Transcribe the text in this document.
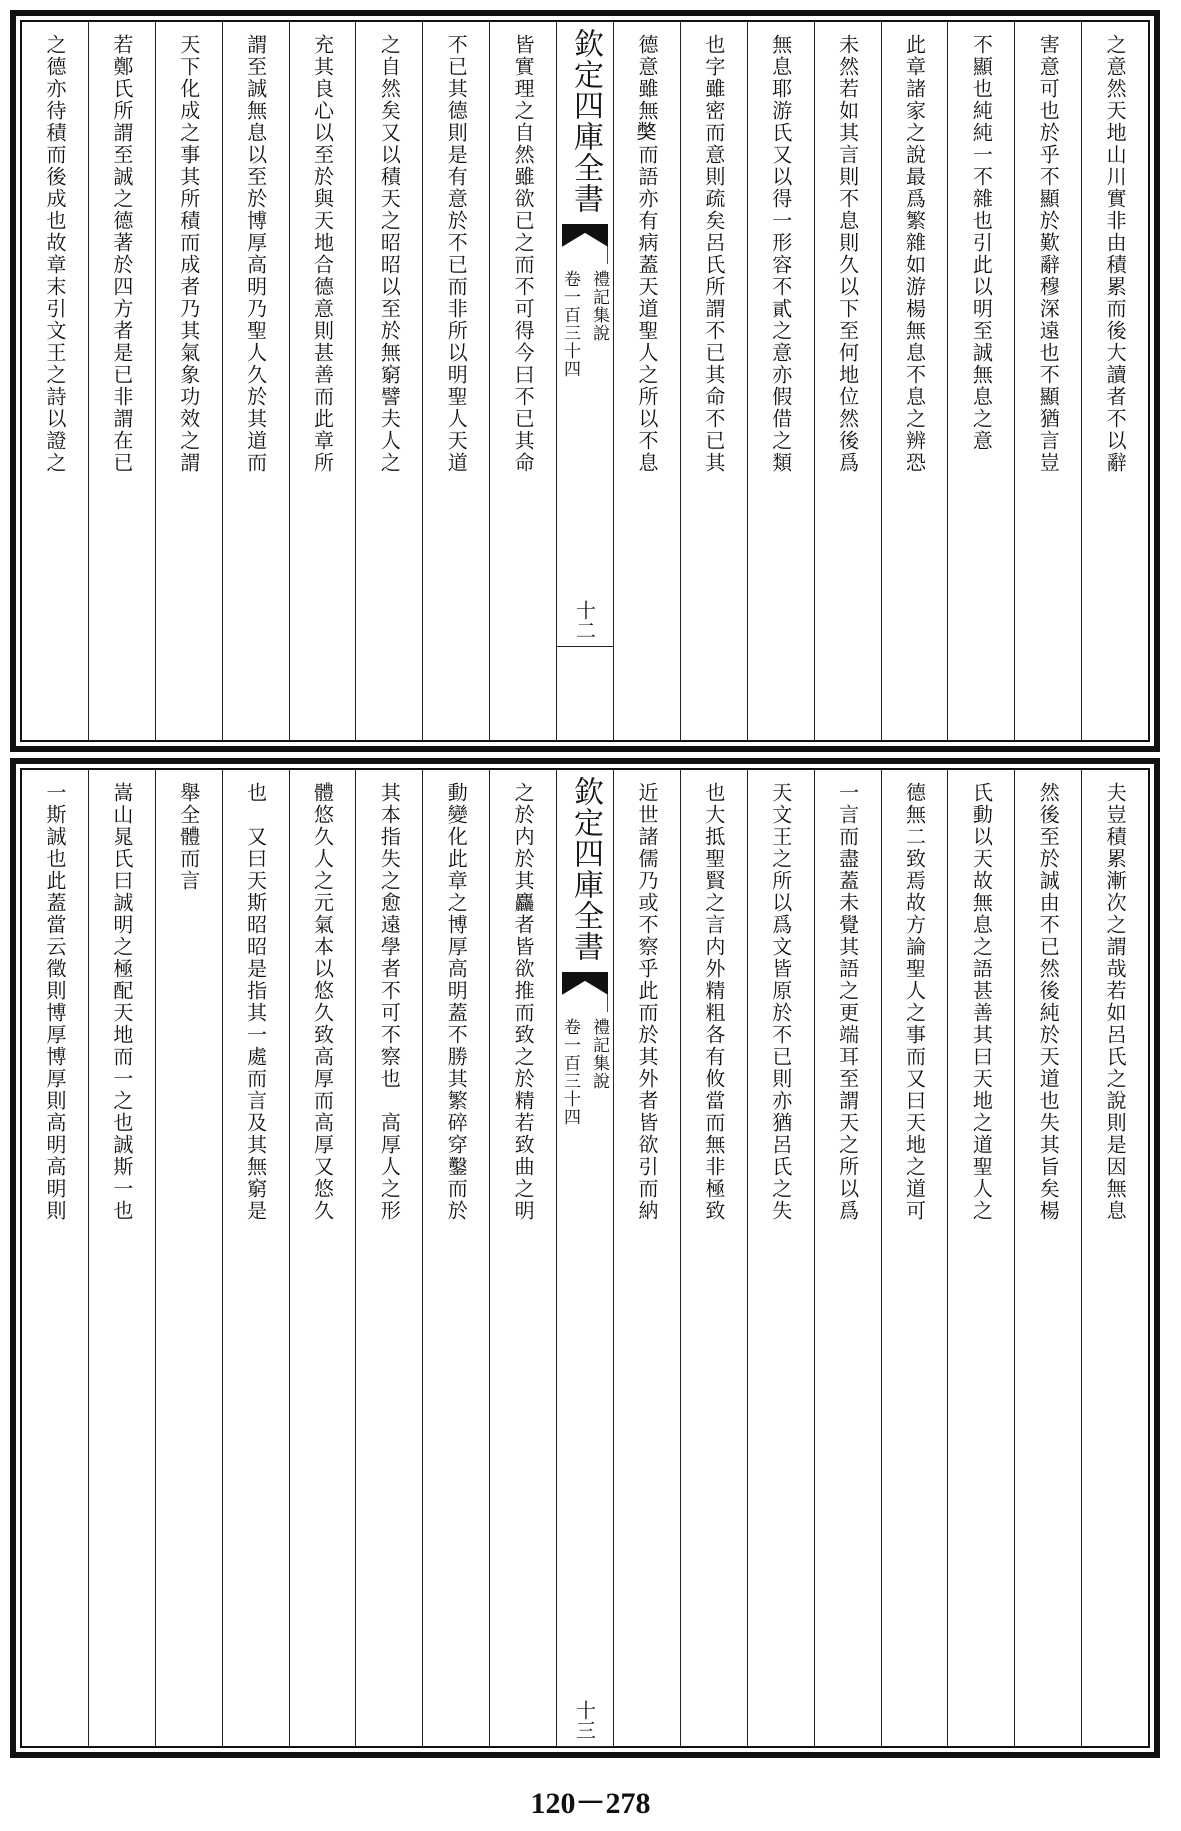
之意然天地山川實非由積累而後大讀者不以辭
害意可也於乎不顯於歎辭穆深遠也不顯猶言豈
不顯也純純一不雜也引此以明至誠無息之意
此章諸家之說最爲繁雜如游楊無息不息之辨恐
未然若如其言則不息則久以下至何地位然後爲
無息耶游氏又以得一形容不貳之意亦假借之類
也字雖密而意則疏矣呂氏所謂不已其命不已其
德意雖無𡚁而語亦有病蓋天道聖人之所以不息
欽定四庫全書
禮記集說
卷一百三十四
十二
皆實理之自然雖欲已之而不可得今曰不已其命
不已其德則是有意於不已而非所以明聖人天道
之自然矣又以積天之昭昭以至於無窮譬夫人之
充其良心以至於與天地合德意則甚善而此章所
謂至誠無息以至於博厚高明乃聖人久於其道而
天下化成之事其所積而成者乃其氣象功效之謂
若鄭氏所謂至誠之德著於四方者是已非謂在已
之德亦待積而後成也故章末引文王之詩以證之
夫豈積累漸次之謂哉若如呂氏之說則是因無息
然後至於誠由不已然後純於天道也失其旨矣楊
氏動以天故無息之語甚善其曰天地之道聖人之
德無二致焉故方論聖人之事而又曰天地之道可
一言而盡蓋未覺其語之更端耳至謂天之所以爲
天文王之所以爲文皆原於不已則亦猶呂氏之失
也大抵聖賢之言内外精粗各有攸當而無非極致
近世諸儒乃或不察乎此而於其外者皆欲引而納
欽定四庫全書
禮記集說
卷一百三十四
十三
之於内於其麤者皆欲推而致之於精若致曲之明
動變化此章之博厚高明蓋不勝其繁碎穿鑿而於
其本指失之愈遠學者不可不察也　高厚人之形
體悠久人之元氣本以悠久致高厚而高厚又悠久
也　又曰天斯昭昭是指其一處而言及其無窮是
舉全體而言
嵩山晁氏曰誠明之極配天地而一之也誠斯一也
一斯誠也此蓋當云徵則博厚博厚則高明高明則
120－278
